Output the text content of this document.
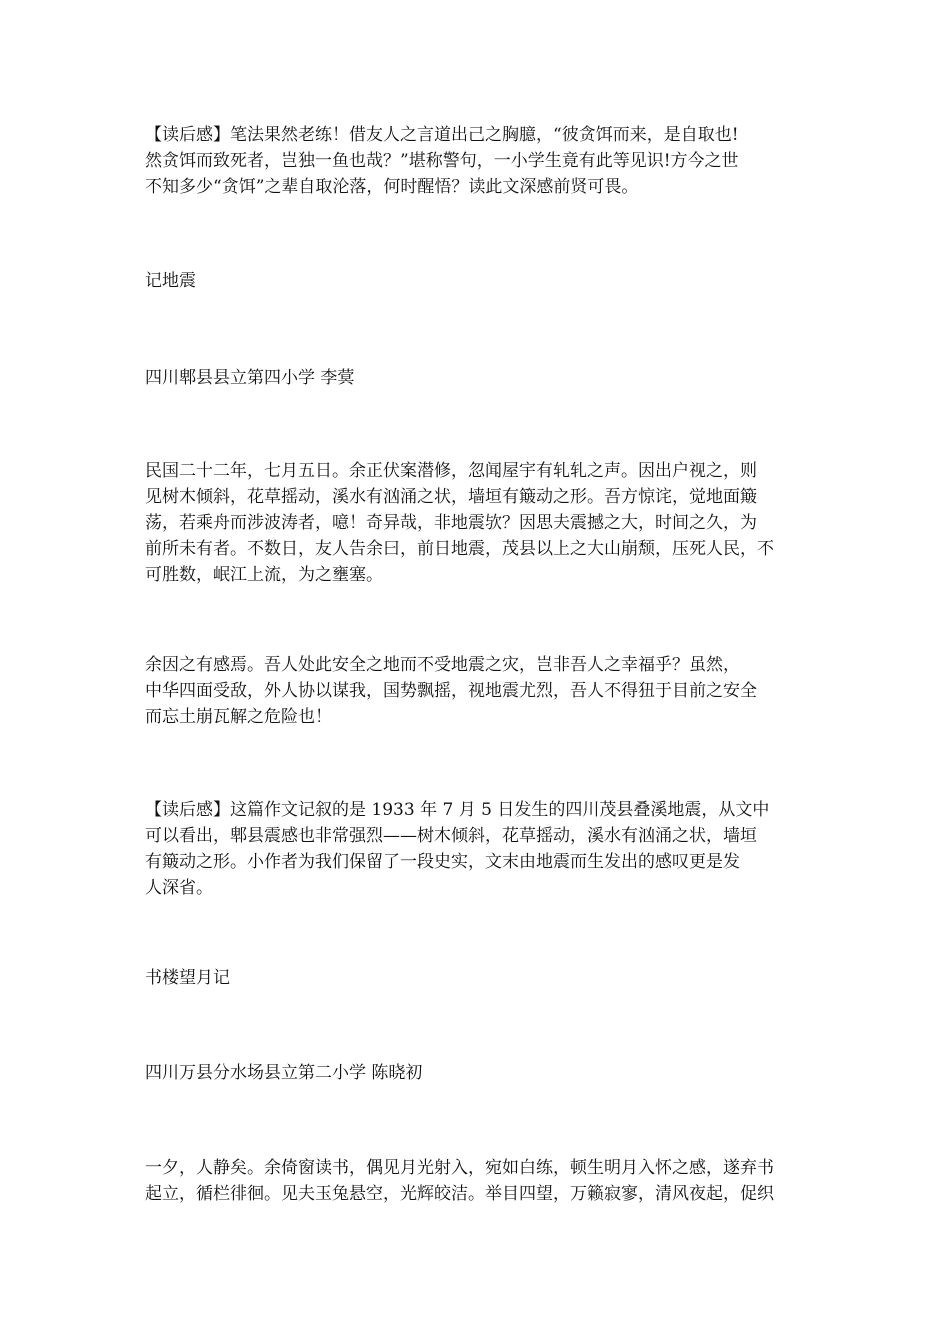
【读后感】笔法果然老练！借友人之言道出己之胸臆，“彼贪饵而来，是自取也!
然贪饵而致死者，岂独一鱼也哉？”堪称警句，一小学生竟有此等见识!方今之世
不知多少“贪饵”之辈自取沦落，何时醒悟？读此文深感前贤可畏。
记地震
四川郫县县立第四小学 李蓂
民国二十二年，七月五日。余正伏案潜修，忽闻屋宇有轧轧之声。因出户视之，则
见树木倾斜，花草摇动，溪水有汹涌之状，墙垣有簸动之形。吾方惊诧，觉地面簸
荡，若乘舟而涉波涛者，噫！奇异哉，非地震欤？因思夫震撼之大，时间之久，为
前所未有者。不数日，友人告余曰，前日地震，茂县以上之大山崩颓，压死人民，不
可胜数，岷江上流，为之壅塞。
余因之有感焉。吾人处此安全之地而不受地震之灾，岂非吾人之幸福乎？虽然，
中华四面受敌，外人协以谋我，国势飘摇，视地震尤烈，吾人不得狃于目前之安全
而忘土崩瓦解之危险也！
【读后感】这篇作文记叙的是 1933 年 7 月 5 日发生的四川茂县叠溪地震，从文中
可以看出，郫县震感也非常强烈——树木倾斜，花草摇动，溪水有汹涌之状，墙垣
有簸动之形。小作者为我们保留了一段史实，文末由地震而生发出的感叹更是发
人深省。
书楼望月记
四川万县分水场县立第二小学 陈晓初
一夕，人静矣。余倚窗读书，偶见月光射入，宛如白练，顿生明月入怀之感，遂弃书
起立，循栏徘徊。见夫玉兔悬空，光辉皎洁。举目四望，万籁寂寥，清风夜起，促织
